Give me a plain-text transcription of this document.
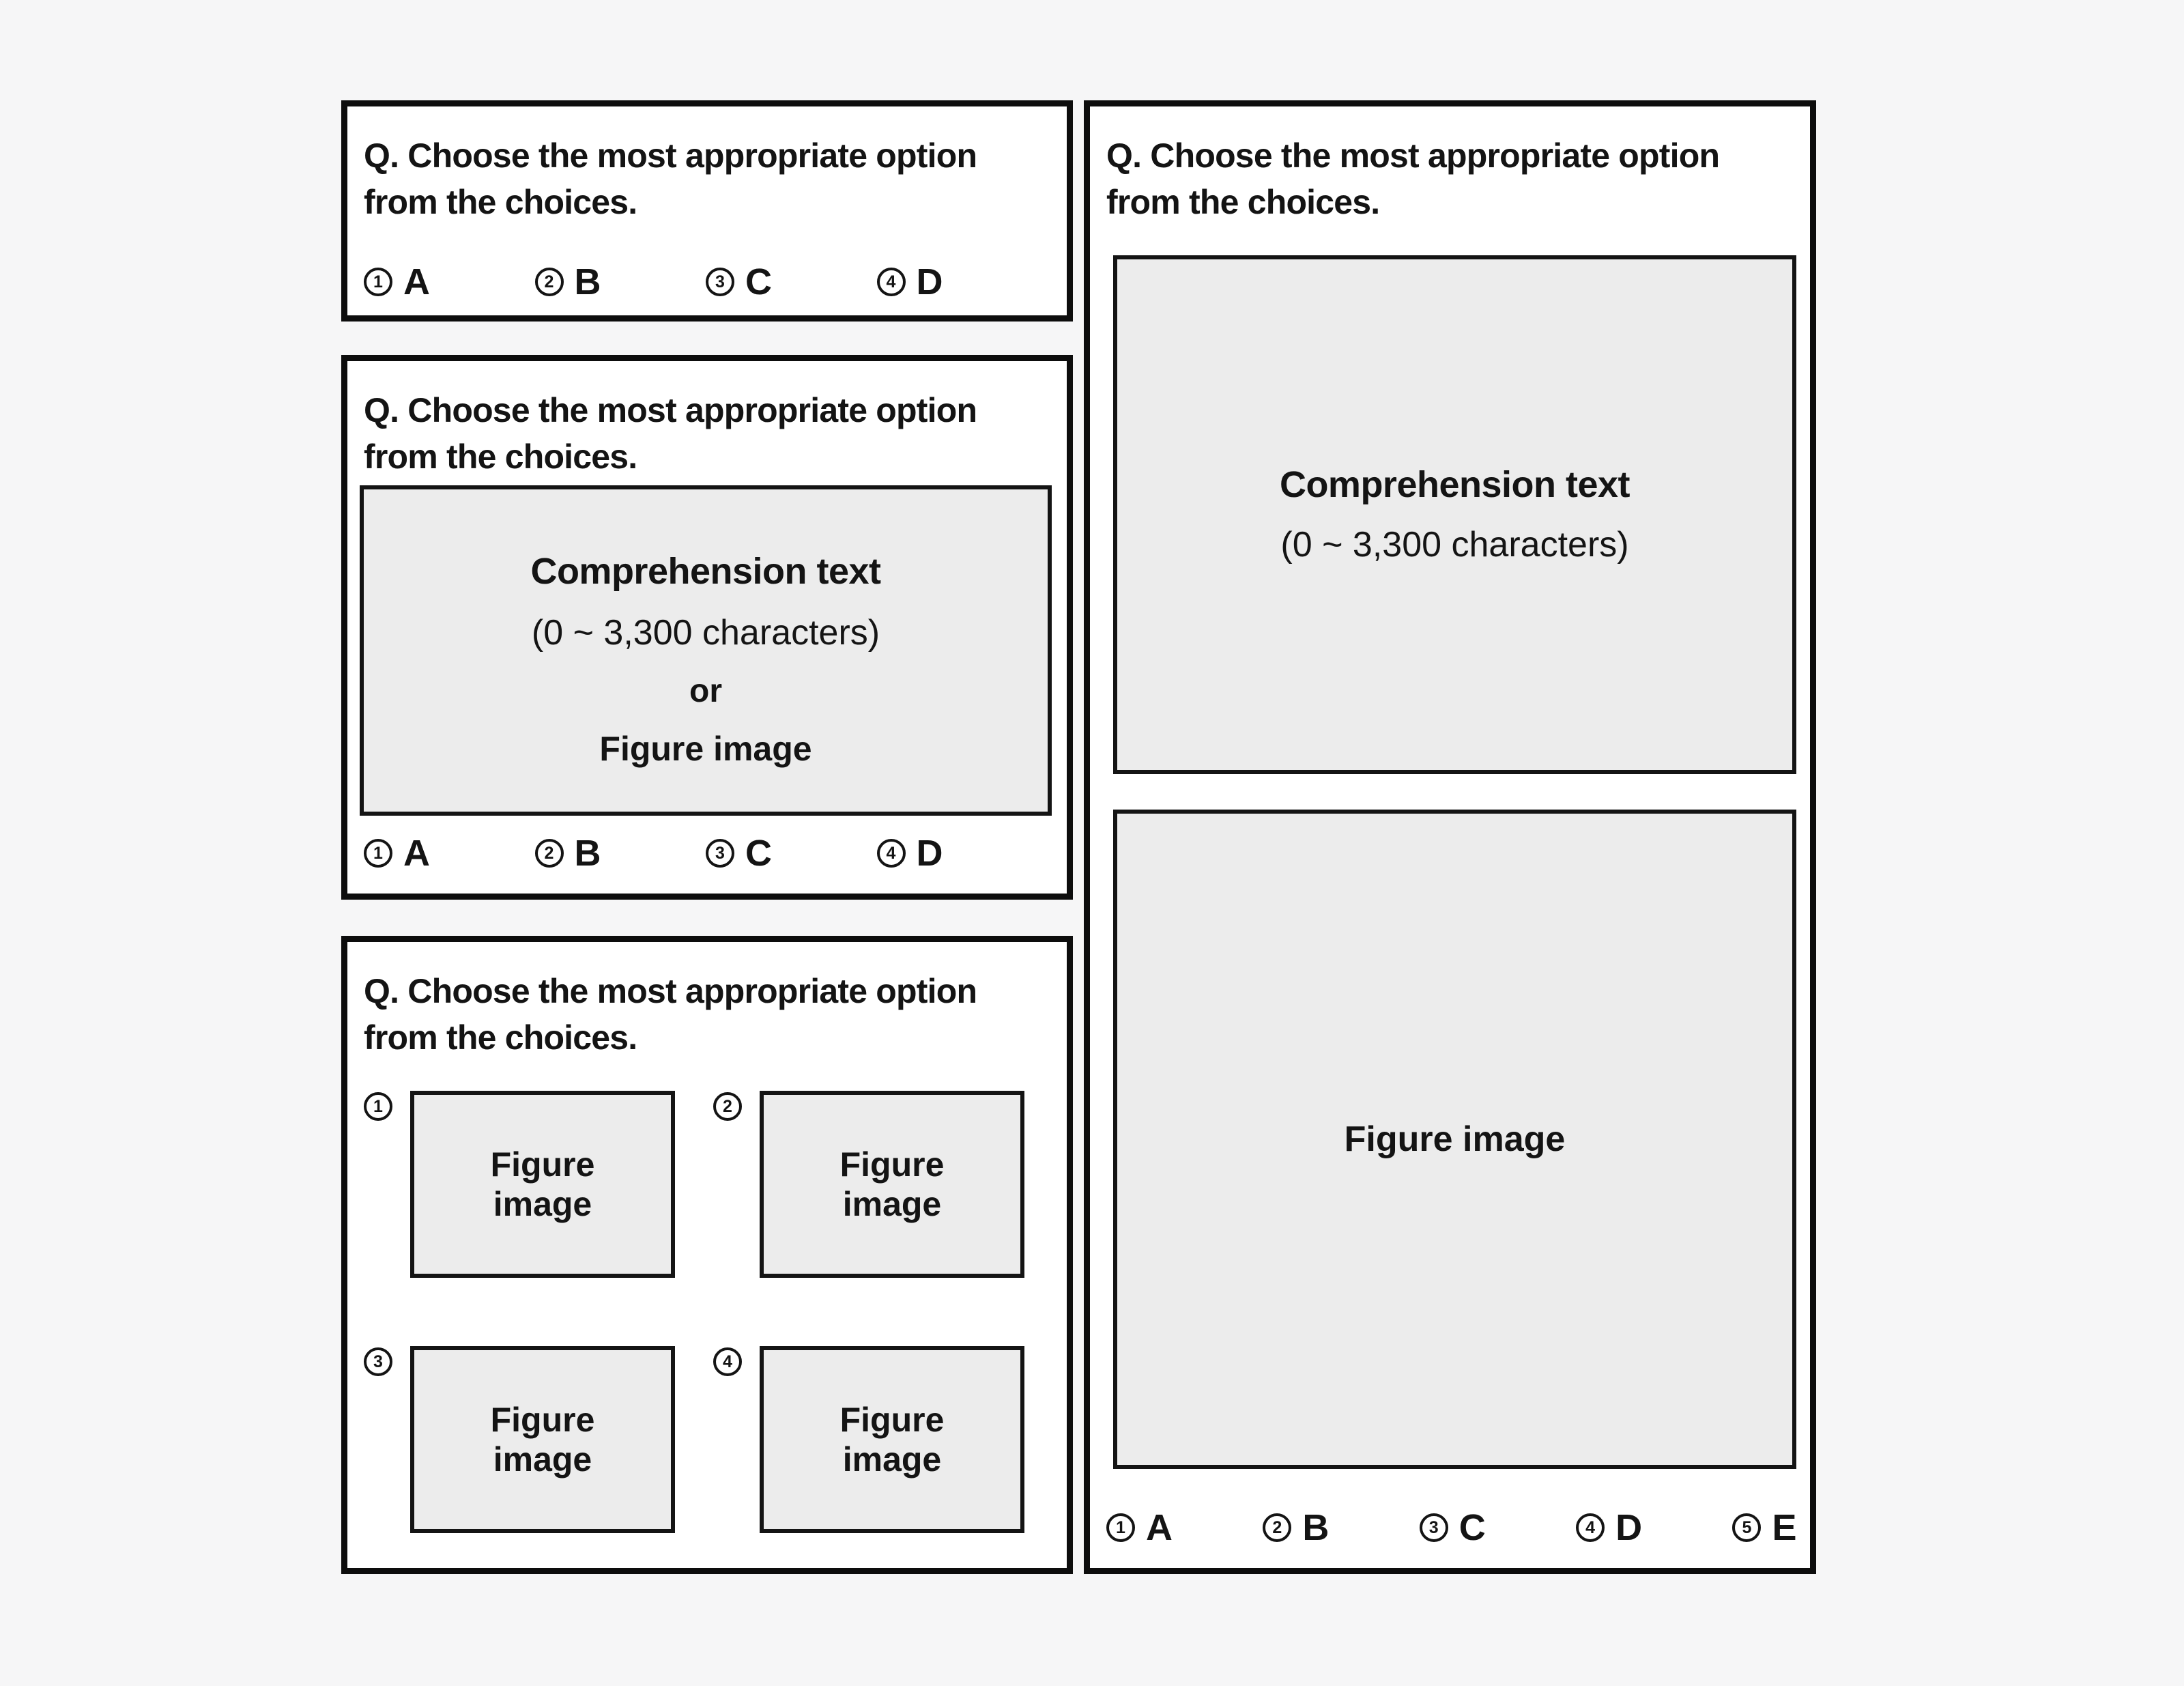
Q. Choose the most appropriate option
from the choices.
1 A	2 B	3 C	4 D
Q. Choose the most appropriate option
from the choices.
Comprehension text
(0 ~ 3,300 characters)
or
Figure image
1 A	2 B	3 C	4 D
Q. Choose the most appropriate option
from the choices.
1
Figure
image
2
Figure
image
3
Figure
image
4
Figure
image
Q. Choose the most appropriate option
from the choices.
Comprehension text
(0 ~ 3,300 characters)
Figure image
1 A	2 B	3 C	4 D	5 E
